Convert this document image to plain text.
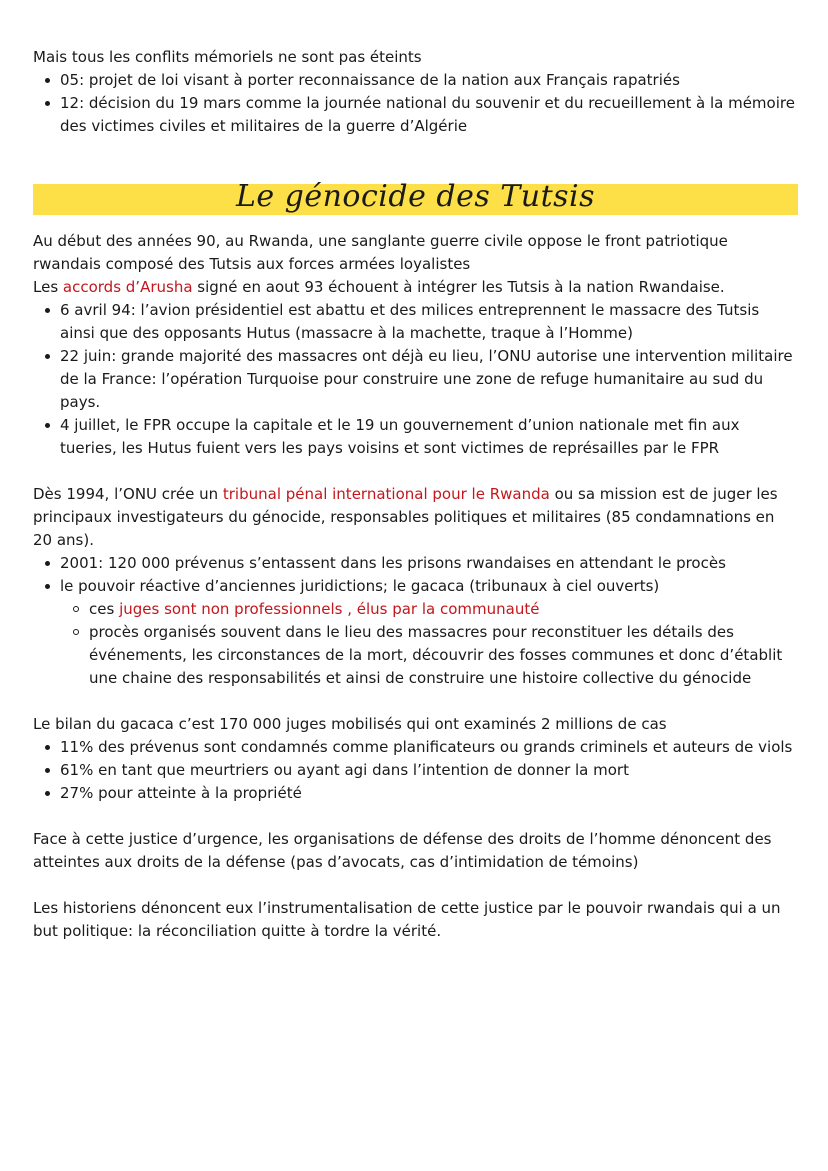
Mais tous les conflits mémoriels ne sont pas éteints

05: projet de loi visant à porter reconnaissance de la nation aux Français rapatriés
12: décision du 19 mars comme la journée national du souvenir et du recueillement à la mémoire des victimes civiles et militaires de la guerre d’Algérie
Le génocide des Tutsis

Au début des années 90, au Rwanda, une sanglante guerre civile oppose le front patriotique rwandais composé des Tutsis aux forces armées loyalistes

Les accords d’Arusha signé en aout 93 échouent à intégrer les Tutsis à la nation Rwandaise.

6 avril 94: l’avion présidentiel est abattu et des milices entreprennent le massacre des Tutsis ainsi que des opposants Hutus (massacre à la machette, traque à l’Homme)
22 juin: grande majorité des massacres ont déjà eu lieu, l’ONU autorise une intervention militaire de la France: l’opération Turquoise pour construire une zone de refuge humanitaire au sud du pays.
4 juillet, le FPR occupe la capitale et le 19 un gouvernement d’union nationale met fin aux tueries, les Hutus fuient vers les pays voisins et sont victimes de représailles par le FPR

Dès 1994, l’ONU crée un tribunal pénal international pour le Rwanda ou sa mission est de juger les principaux investigateurs du génocide, responsables politiques et militaires (85 condamnations en 20 ans).

2001: 120 000 prévenus s’entassent dans les prisons rwandaises en attendant le procès
le pouvoir réactive d’anciennes juridictions; le gacaca (tribunaux à ciel ouverts)
ces juges sont non professionnels , élus par la communauté
procès organisés souvent dans le lieu des massacres pour reconstituer les détails des événements, les circonstances de la mort, découvrir des fosses communes et donc d’établit une chaine des responsabilités et ainsi de construire une histoire collective du génocide

Le bilan du gacaca c’est 170 000 juges mobilisés qui ont examinés 2 millions de cas

11% des prévenus sont condamnés comme planificateurs ou grands criminels et auteurs de viols
61% en tant que meurtriers ou ayant agi dans l’intention de donner la mort
27% pour atteinte à la propriété

Face à cette justice d’urgence, les organisations de défense des droits de l’homme dénoncent des atteintes aux droits de la défense (pas d’avocats, cas d’intimidation de témoins)

Les historiens dénoncent eux l’instrumentalisation de cette justice par le pouvoir rwandais qui a un but politique: la réconciliation quitte à tordre la vérité.
